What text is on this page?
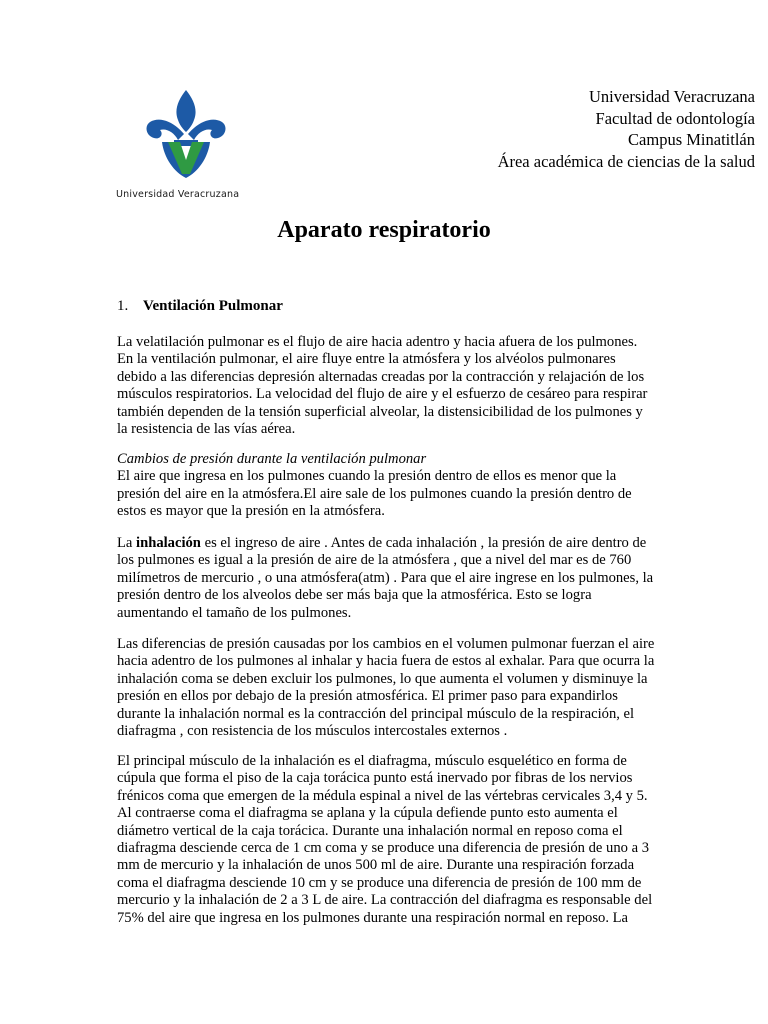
Universidad Veracruzana
Universidad Veracruzana
Facultad de odontología
Campus Minatitlán
Área académica de ciencias de la salud
Aparato respiratorio
1. Ventilación Pulmonar

La velatilación pulmonar es el flujo de aire hacia adentro y hacia afuera de los pulmones.

En la ventilación pulmonar, el aire fluye entre la atmósfera y los alvéolos pulmonares

debido a las diferencias depresión alternadas creadas por la contracción y relajación de los

músculos respiratorios. La velocidad del flujo de aire y el esfuerzo de cesáreo para respirar

también dependen de la tensión superficial alveolar, la distensicibilidad de los pulmones y

la resistencia de las vías aérea.

Cambios de presión durante la ventilación pulmonar

El aire que ingresa en los pulmones cuando la presión dentro de ellos es menor que la

presión del aire en la atmósfera.El aire sale de los pulmones cuando la presión dentro de

estos es mayor que la presión en la atmósfera.

La inhalación es el ingreso de aire . Antes de cada inhalación , la presión de aire dentro de

los pulmones es igual a la presión de aire de la atmósfera , que a nivel del mar es de 760

milímetros de mercurio , o una atmósfera(atm) . Para que el aire ingrese en los pulmones, la

presión dentro de los alveolos debe ser más baja que la atmosférica. Esto se logra

aumentando el tamaño de los pulmones.

Las diferencias de presión causadas por los cambios en el volumen pulmonar fuerzan el aire

hacia adentro de los pulmones al inhalar y hacia fuera de estos al exhalar. Para que ocurra la

inhalación coma se deben excluir los pulmones, lo que aumenta el volumen y disminuye la

presión en ellos por debajo de la presión atmosférica. El primer paso para expandirlos

durante la inhalación normal es la contracción del principal músculo de la respiración, el

diafragma , con resistencia de los músculos intercostales externos .

El principal músculo de la inhalación es el diafragma, músculo esquelético en forma de

cúpula que forma el piso de la caja torácica punto está inervado por fibras de los nervios

frénicos coma que emergen de la médula espinal a nivel de las vértebras cervicales 3,4 y 5.

Al contraerse coma el diafragma se aplana y la cúpula defiende punto esto aumenta el

diámetro vertical de la caja torácica. Durante una inhalación normal en reposo coma el

diafragma desciende cerca de 1 cm coma y se produce una diferencia de presión de uno a 3

mm de mercurio y la inhalación de unos 500 ml de aire. Durante una respiración forzada

coma el diafragma desciende 10 cm y se produce una diferencia de presión de 100 mm de

mercurio y la inhalación de 2 a 3 L de aire. La contracción del diafragma es responsable del

75% del aire que ingresa en los pulmones durante una respiración normal en reposo. La
